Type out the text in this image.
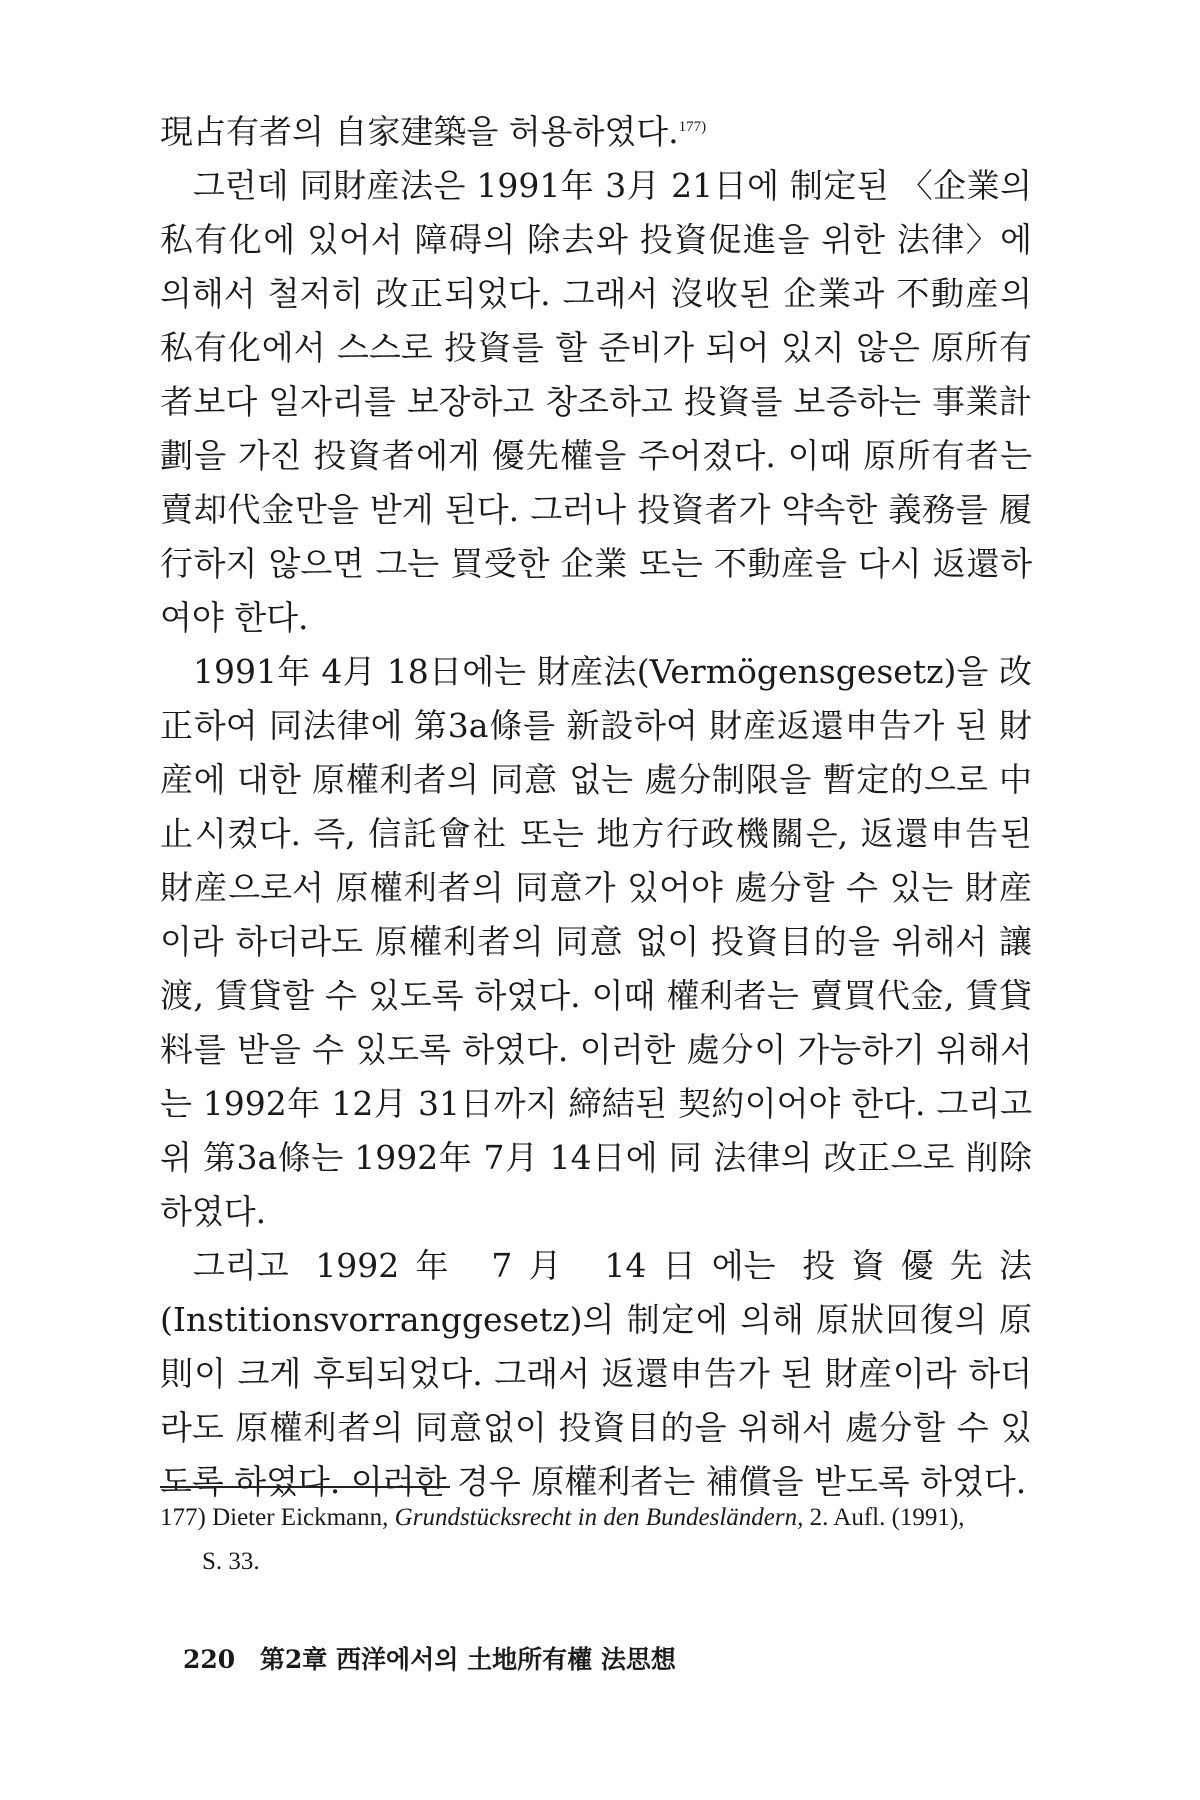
現占有者의 自家建築을 허용하였다.$^{177)}$

그런데 同財産法은 1991年 3月 21日에 制定된 〈企業의 私有化에 있어서 障碍의 除去와 投資促進을 위한 法律〉에 의해서 철저히 改正되었다. 그래서 沒收된 企業과 不動産의 私有化에서 스스로 投資를 할 준비가 되어 있지 않은 原所有者보다 일자리를 보장하고 창조하고 投資를 보증하는 事業計劃을 가진 投資者에게 優先權을 주어졌다. 이때 原所有者는 賣却代金만을 받게 된다. 그러나 投資者가 약속한 義務를 履行하지 않으면 그는 買受한 企業 또는 不動産을 다시 返還하여야 한다.

1991年 4月 18日에는 財産法(Vermögensgesetz)을 改正하여 同法律에 第3a條를 新設하여 財産返還申告가 된 財産에 대한 原權利者의 同意 없는 處分制限을 暫定的으로 中止시켰다. 즉, 信託會社 또는 地方行政機關은, 返還申告된 財産으로서 原權利者의 同意가 있어야 處分할 수 있는 財産이라 하더라도 原權利者의 同意 없이 投資目的을 위해서 讓渡, 賃貸할 수 있도록 하였다. 이때 權利者는 賣買代金, 賃貸料를 받을 수 있도록 하였다. 이러한 處分이 가능하기 위해서는 1992年 12月 31日까지 締結된 契約이어야 한다. 그리고 위 第3a條는 1992年 7月 14日에 同 法律의 改正으로 削除하였다.

그리고 1992年 7月 14日에는 投資優先法(Institionsvorranggesetz)의 制定에 의해 原狀回復의 原則이 크게 후퇴되었다. 그래서 返還申告가 된 財産이라 하더라도 原權利者의 同意없이 投資目的을 위해서 處分할 수 있도록 하였다. 이러한 경우 原權利者는 補償을 받도록 하였다.

177) Dieter Eickmann, Grundstücksrecht in den Bundesländern, 2. Aufl. (1991),
S. 33.
220 第2章 西洋에서의 土地所有權 法思想
